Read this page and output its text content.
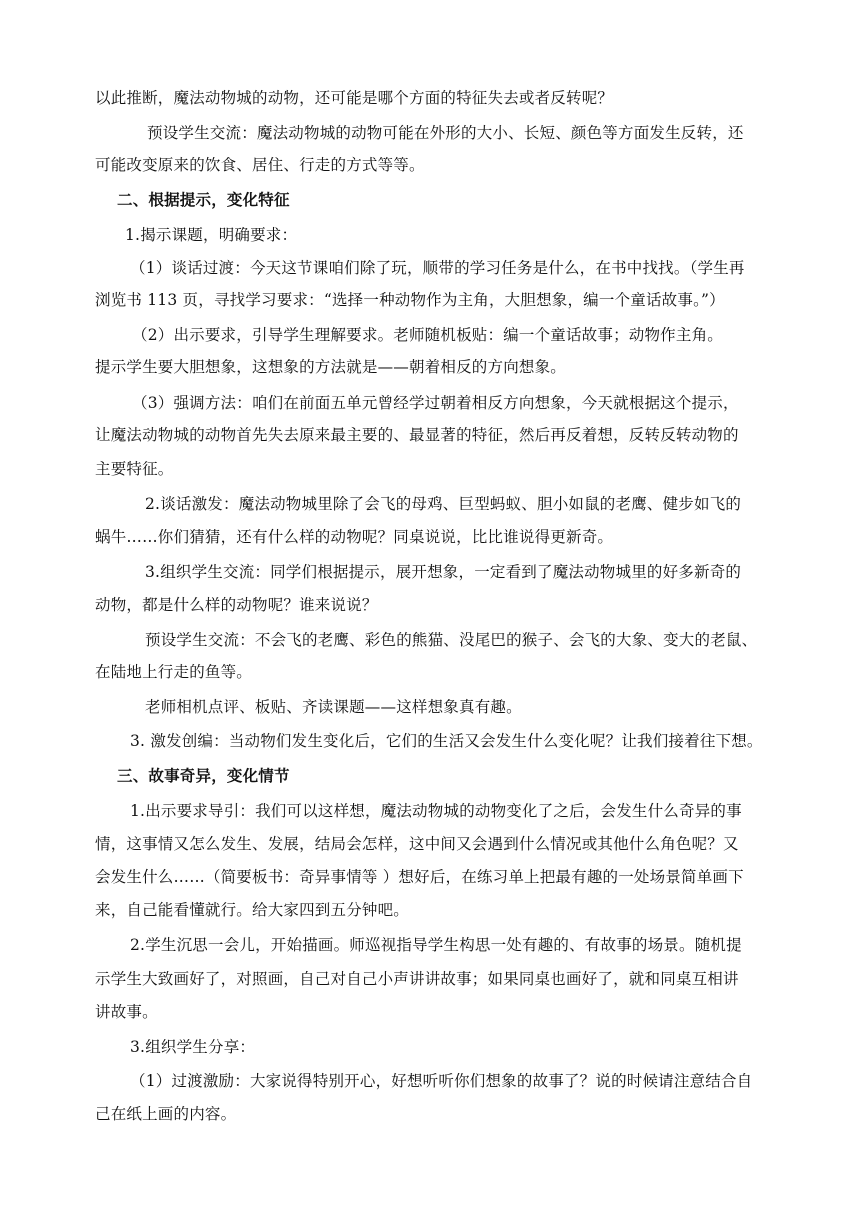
以此推断，魔法动物城的动物，还可能是哪个方面的特征失去或者反转呢？
预设学生交流：魔法动物城的动物可能在外形的大小、长短、颜色等方面发生反转，还
可能改变原来的饮食、居住、行走的方式等等。
二、根据提示，变化特征
1.揭示课题，明确要求：
（1）谈话过渡：今天这节课咱们除了玩，顺带的学习任务是什么，在书中找找。（学生再
浏览书 113 页，寻找学习要求：“选择一种动物作为主角，大胆想象，编一个童话故事。”）
（2）出示要求，引导学生理解要求。老师随机板贴：编一个童话故事；动物作主角。
提示学生要大胆想象，这想象的方法就是——朝着相反的方向想象。
（3）强调方法：咱们在前面五单元曾经学过朝着相反方向想象，今天就根据这个提示，
让魔法动物城的动物首先失去原来最主要的、最显著的特征，然后再反着想，反转反转动物的
主要特征。
2.谈话激发：魔法动物城里除了会飞的母鸡、巨型蚂蚁、胆小如鼠的老鹰、健步如飞的
蜗牛……你们猜猜，还有什么样的动物呢？同桌说说，比比谁说得更新奇。
3.组织学生交流：同学们根据提示，展开想象，一定看到了魔法动物城里的好多新奇的
动物，都是什么样的动物呢？谁来说说？
预设学生交流：不会飞的老鹰、彩色的熊猫、没尾巴的猴子、会飞的大象、变大的老鼠、
在陆地上行走的鱼等。
老师相机点评、板贴、齐读课题——这样想象真有趣。
3. 激发创编：当动物们发生变化后，它们的生活又会发生什么变化呢？让我们接着往下想。
三、故事奇异，变化情节
1.出示要求导引：我们可以这样想，魔法动物城的动物变化了之后，会发生什么奇异的事
情，这事情又怎么发生、发展，结局会怎样，这中间又会遇到什么情况或其他什么角色呢？又
会发生什么……（简要板书：奇异事情等 ）想好后，在练习单上把最有趣的一处场景简单画下
来，自己能看懂就行。给大家四到五分钟吧。
2.学生沉思一会儿，开始描画。师巡视指导学生构思一处有趣的、有故事的场景。随机提
示学生大致画好了，对照画，自己对自己小声讲讲故事；如果同桌也画好了，就和同桌互相讲
讲故事。
3.组织学生分享：
（1）过渡激励：大家说得特别开心，好想听听你们想象的故事了？说的时候请注意结合自
己在纸上画的内容。
